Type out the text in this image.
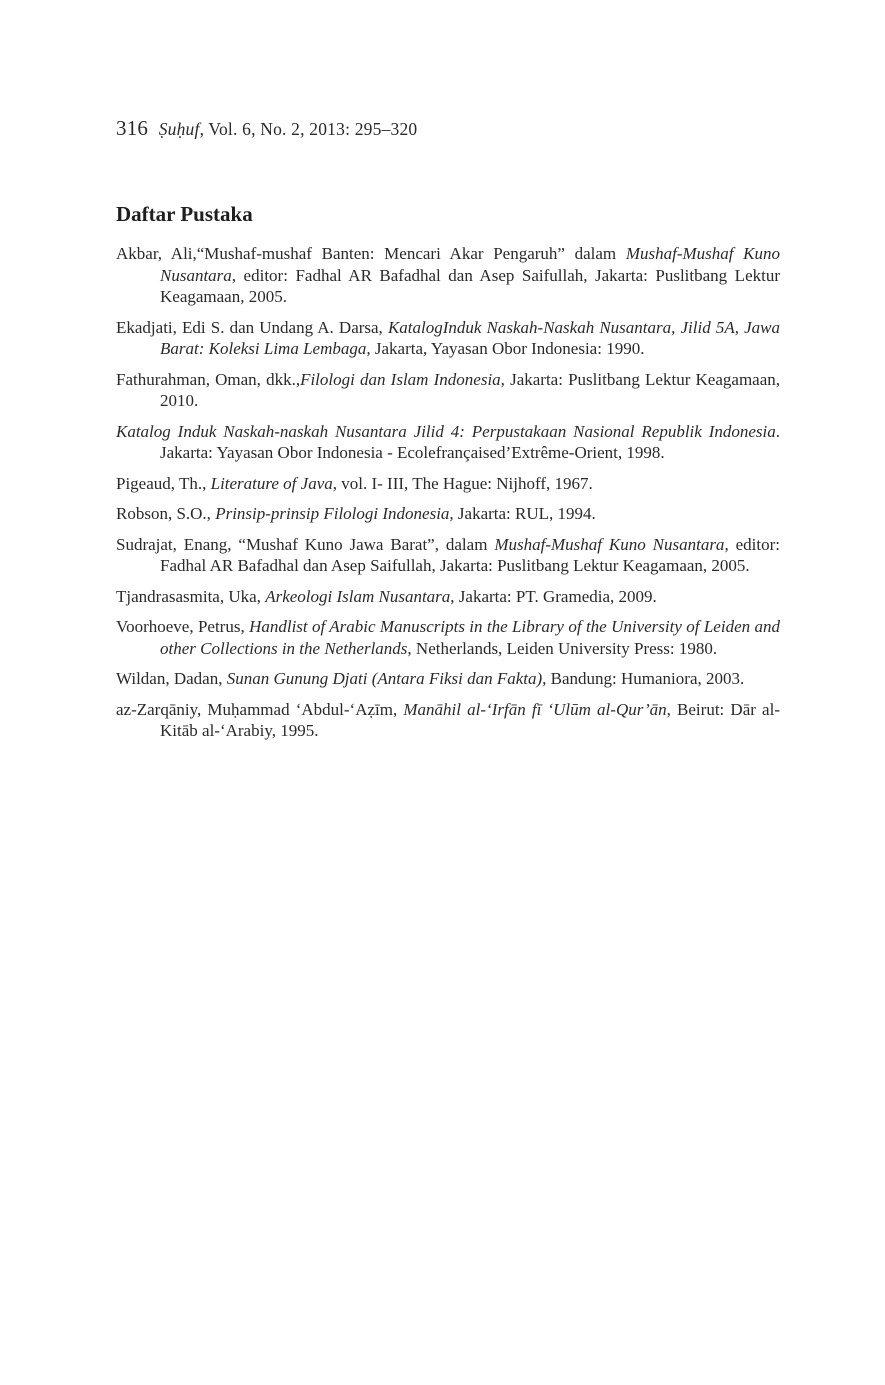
316 Ṣuḥuf, Vol. 6, No. 2, 2013: 295–320
Daftar Pustaka
Akbar, Ali,“Mushaf-mushaf Banten: Mencari Akar Pengaruh” dalam Mushaf-Mushaf Kuno Nusantara, editor: Fadhal AR Bafadhal dan Asep Saifullah, Jakarta: Puslitbang Lektur Keagamaan, 2005.
Ekadjati, Edi S. dan Undang A. Darsa, KatalogInduk Naskah-Naskah Nusantara, Jilid 5A, Jawa Barat: Koleksi Lima Lembaga, Jakarta, Yayasan Obor Indonesia: 1990.
Fathurahman, Oman, dkk.,Filologi dan Islam Indonesia, Jakarta: Puslitbang Lektur Keagamaan, 2010.
Katalog Induk Naskah-naskah Nusantara Jilid 4: Perpustakaan Nasional Republik Indonesia. Jakarta: Yayasan Obor Indonesia - Ecolefrançaised’Extrême-Orient, 1998.
Pigeaud, Th., Literature of Java, vol. I- III, The Hague: Nijhoff, 1967.
Robson, S.O., Prinsip-prinsip Filologi Indonesia, Jakarta: RUL, 1994.
Sudrajat, Enang, “Mushaf Kuno Jawa Barat”, dalam Mushaf-Mushaf Kuno Nusantara, editor: Fadhal AR Bafadhal dan Asep Saifullah, Jakarta: Puslitbang Lektur Keagamaan, 2005.
Tjandrasasmita, Uka, Arkeologi Islam Nusantara, Jakarta: PT. Gramedia, 2009.
Voorhoeve, Petrus, Handlist of Arabic Manuscripts in the Library of the University of Leiden and other Collections in the Netherlands, Netherlands, Leiden University Press: 1980.
Wildan, Dadan, Sunan Gunung Djati (Antara Fiksi dan Fakta), Bandung: Humaniora, 2003.
az-Zarqāniy, Muḥammad ‘Abdul-‘Aẓīm, Manāhil al-‘Irfān fī ‘Ulūm al-Qur’ān, Beirut: Dār al-Kitāb al-‘Arabiy, 1995.
